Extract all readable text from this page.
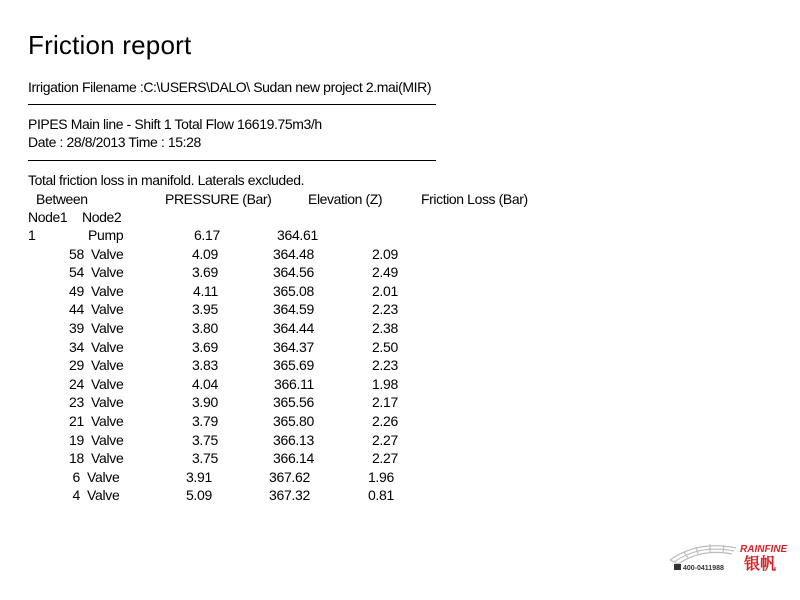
Friction report
Irrigation Filename :C:\USERS\DALO\ Sudan new project 2.mai(MIR)
PIPES Main line - Shift 1 Total Flow 16619.75m3/h
Date : 28/8/2013 Time : 15:28
Total friction loss in manifold. Laterals excluded.
Between	PRESSURE (Bar)	Elevation (Z)	Friction Loss (Bar)
Node1 Node2
1	Pump	6.17	364.61
58 Valve	4.09	364.48	2.09
54 Valve	3.69	364.56	2.49
49 Valve	4.11	365.08	2.01
44 Valve	3.95	364.59	2.23
39 Valve	3.80	364.44	2.38
34 Valve	3.69	364.37	2.50
29 Valve	3.83	365.69	2.23
24 Valve	4.04	366.11	1.98
23 Valve	3.90	365.56	2.17
21 Valve	3.79	365.80	2.26
19 Valve	3.75	366.13	2.27
18 Valve	3.75	366.14	2.27
6 Valve	3.91	367.62	1.96
4 Valve	5.09	367.32	0.81
RAINFINE
银帆
400-0411988
